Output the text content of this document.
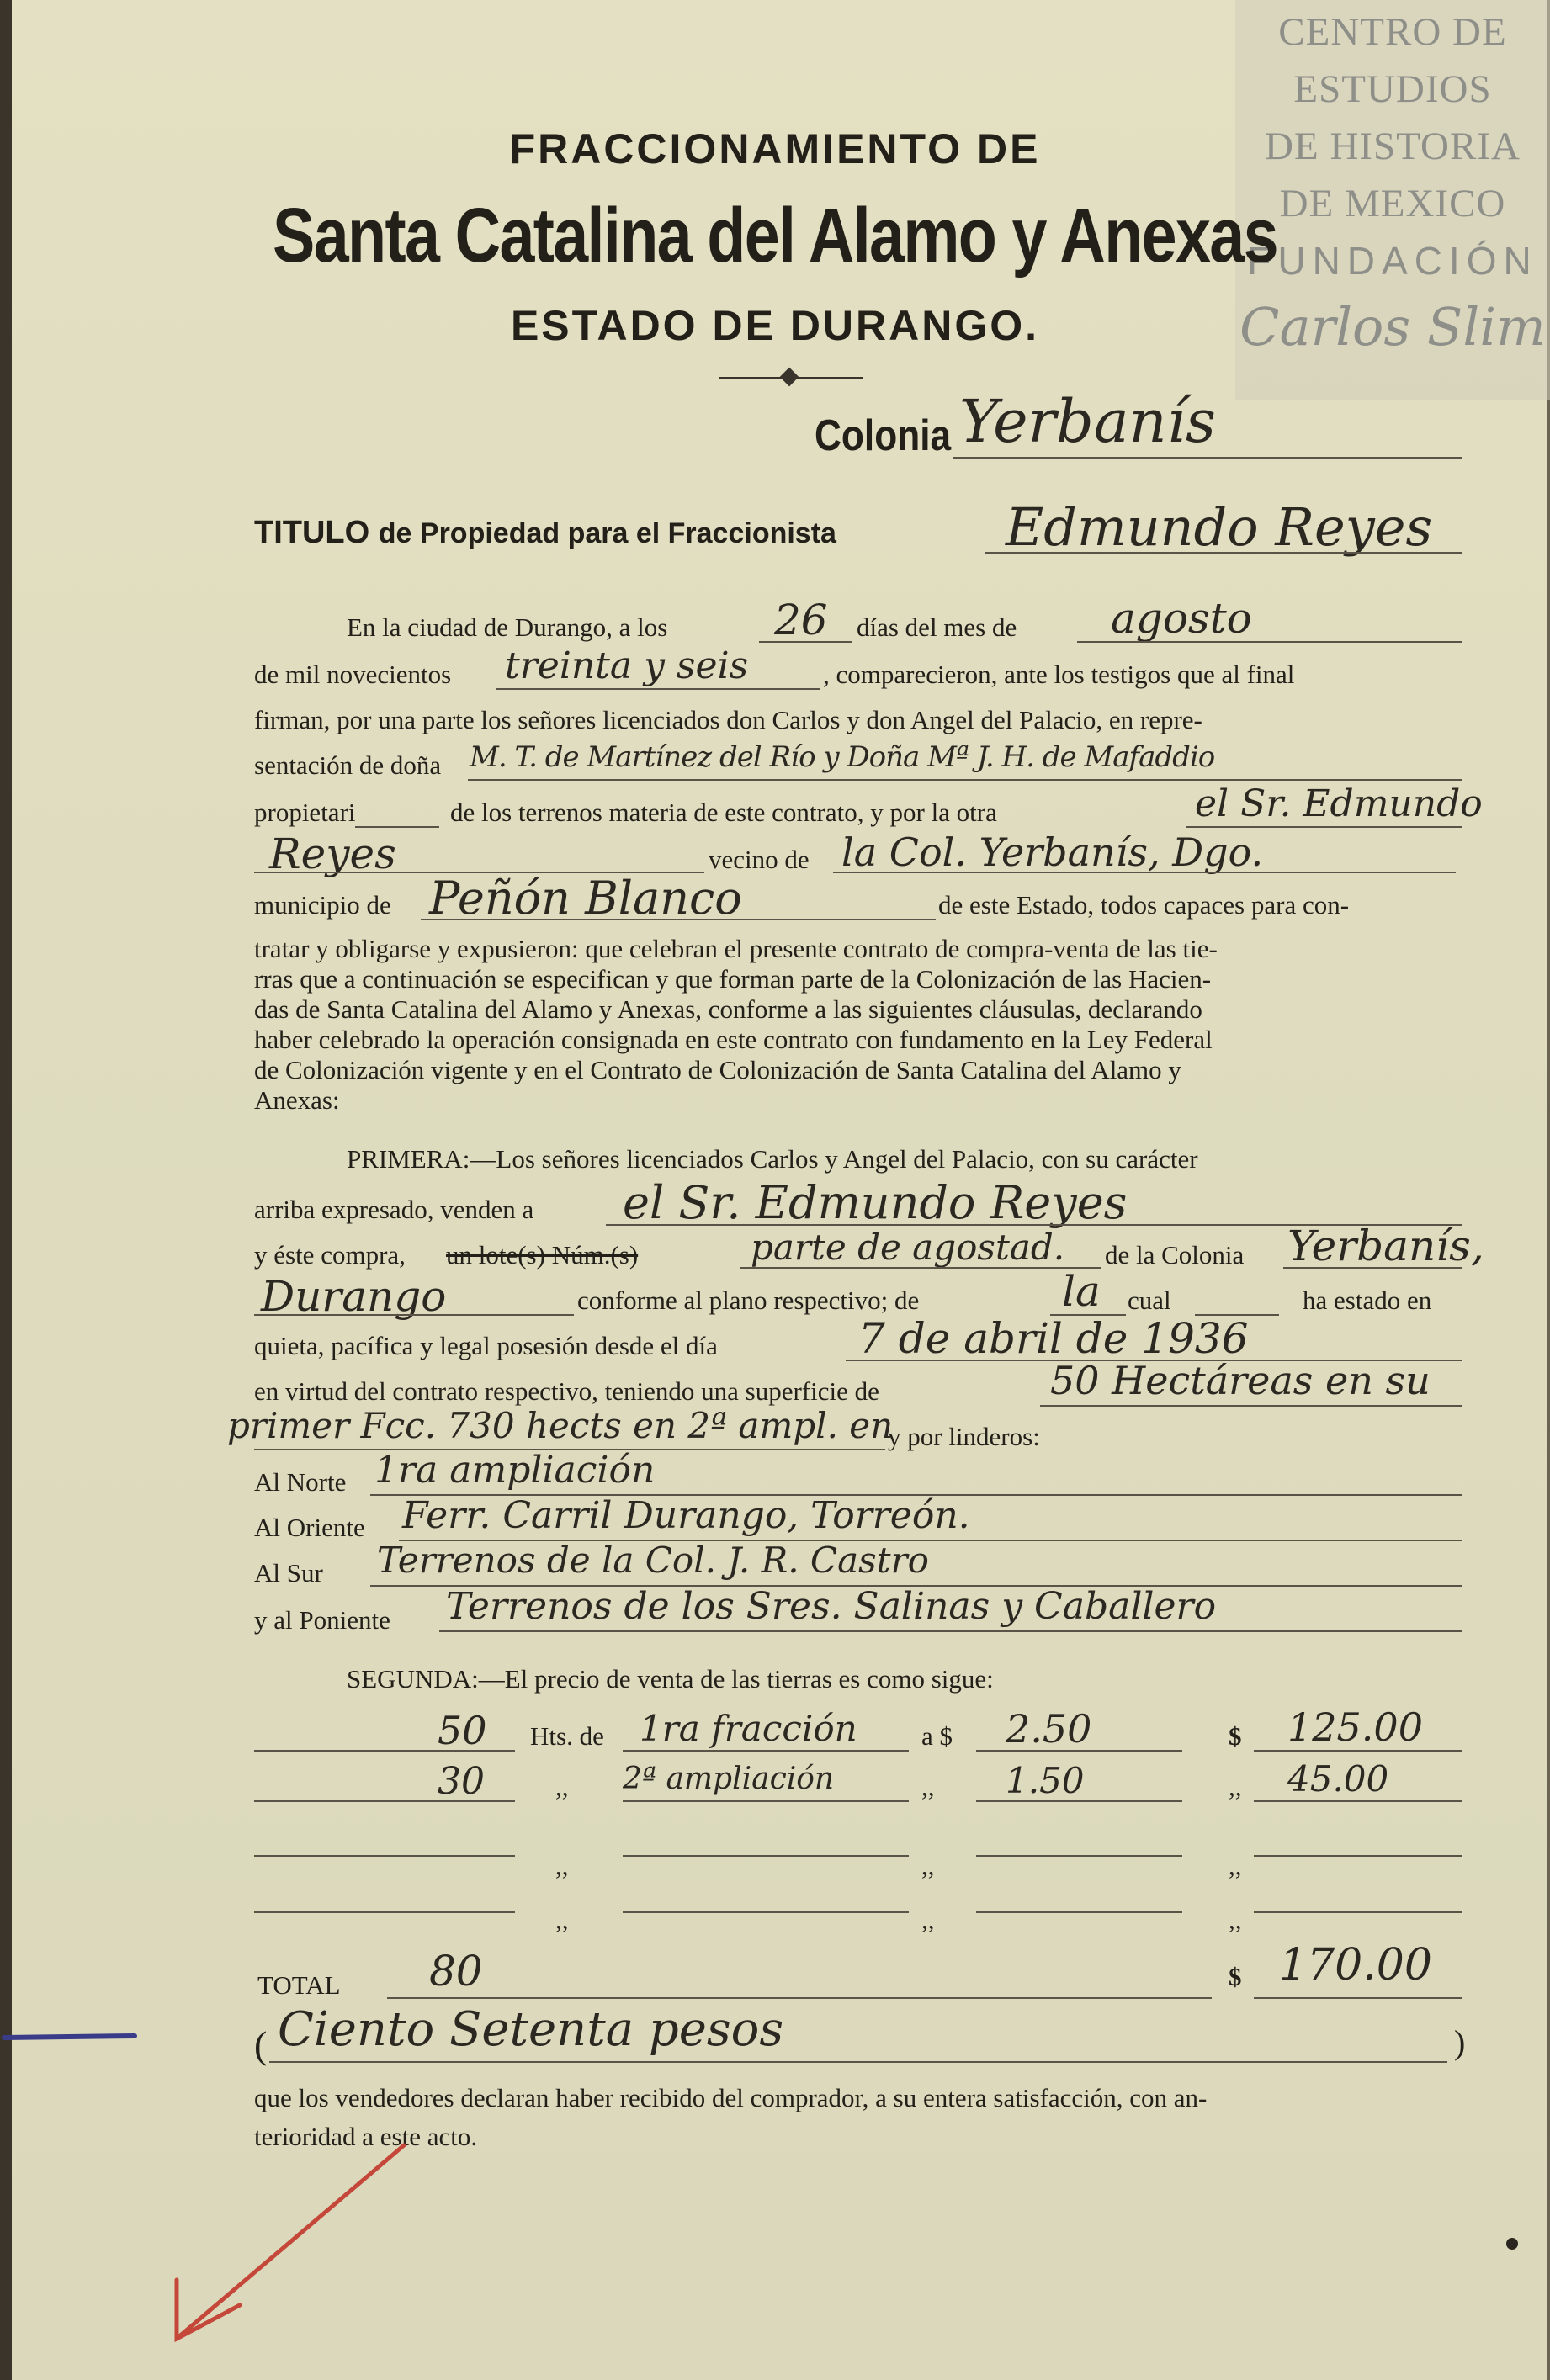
CENTRO DE
ESTUDIOS
DE HISTORIA
DE MEXICO
FUNDACIÓN
Carlos Slim
FRACCIONAMIENTO DE
Santa Catalina del Alamo y Anexas
ESTADO DE DURANGO.
Colonia Yerbanís
TITULO de Propiedad para el Fraccionista	Edmundo Reyes
En la ciudad de Durango, a los	26 días del mes de agosto
de mil novecientos treinta y seis	, comparecieron, ante los testigos que al final
firman, por una parte los señores licenciados don Carlos y don Angel del Palacio, en repre-
sentación de doña M. T. de Martínez del Río y Doña Mª J. H. de Mafaddio
propietari	de los terrenos materia de este contrato, y por la otra	el Sr. Edmundo
Reyes	vecino de la Col. Yerbanís, Dgo.
municipio de Peñón Blanco	de este Estado, todos capaces para con-
tratar y obligarse y expusieron: que celebran el presente contrato de compra-venta de las tie-
rras que a continuación se especifican y que forman parte de la Colonización de las Hacien-
das de Santa Catalina del Alamo y Anexas, conforme a las siguientes cláusulas, declarando
haber celebrado la operación consignada en este contrato con fundamento en la Ley Federal
de Colonización vigente y en el Contrato de Colonización de Santa Catalina del Alamo y
Anexas:
PRIMERA:—Los señores licenciados Carlos y Angel del Palacio, con su carácter
arriba expresado, venden a el Sr. Edmundo Reyes
y éste compra, un lote(s) Núm.(s)	parte de agostad. de la Colonia Yerbanís,
Durango	conforme al plano respectivo; de	la cual	ha estado en
quieta, pacífica y legal posesión desde el día	7 de abril de 1936
en virtud del contrato respectivo, teniendo una superficie de	50 Hectáreas en su
primer Fcc. 730 hects en 2ª ampl. en
y por linderos:
Al Norte 1ra ampliación
Al Oriente Ferr. Carril Durango, Torreón.
Al Sur Terrenos de la Col. J. R. Castro
y al Poniente Terrenos de los Sres. Salinas y Caballero
SEGUNDA:—El precio de venta de las tierras es como sigue:
50 Hts. de 1ra fracción a $ 2.50	$ 125.00
30	,, 2ª ampliación	,, 1.50	,, 45.00
,,	,,	,,
,,	,,	,,
TOTAL 80	$ 170.00
( Ciento Setenta pesos	)
que los vendedores declaran haber recibido del comprador, a su entera satisfacción, con an-
terioridad a este acto.
